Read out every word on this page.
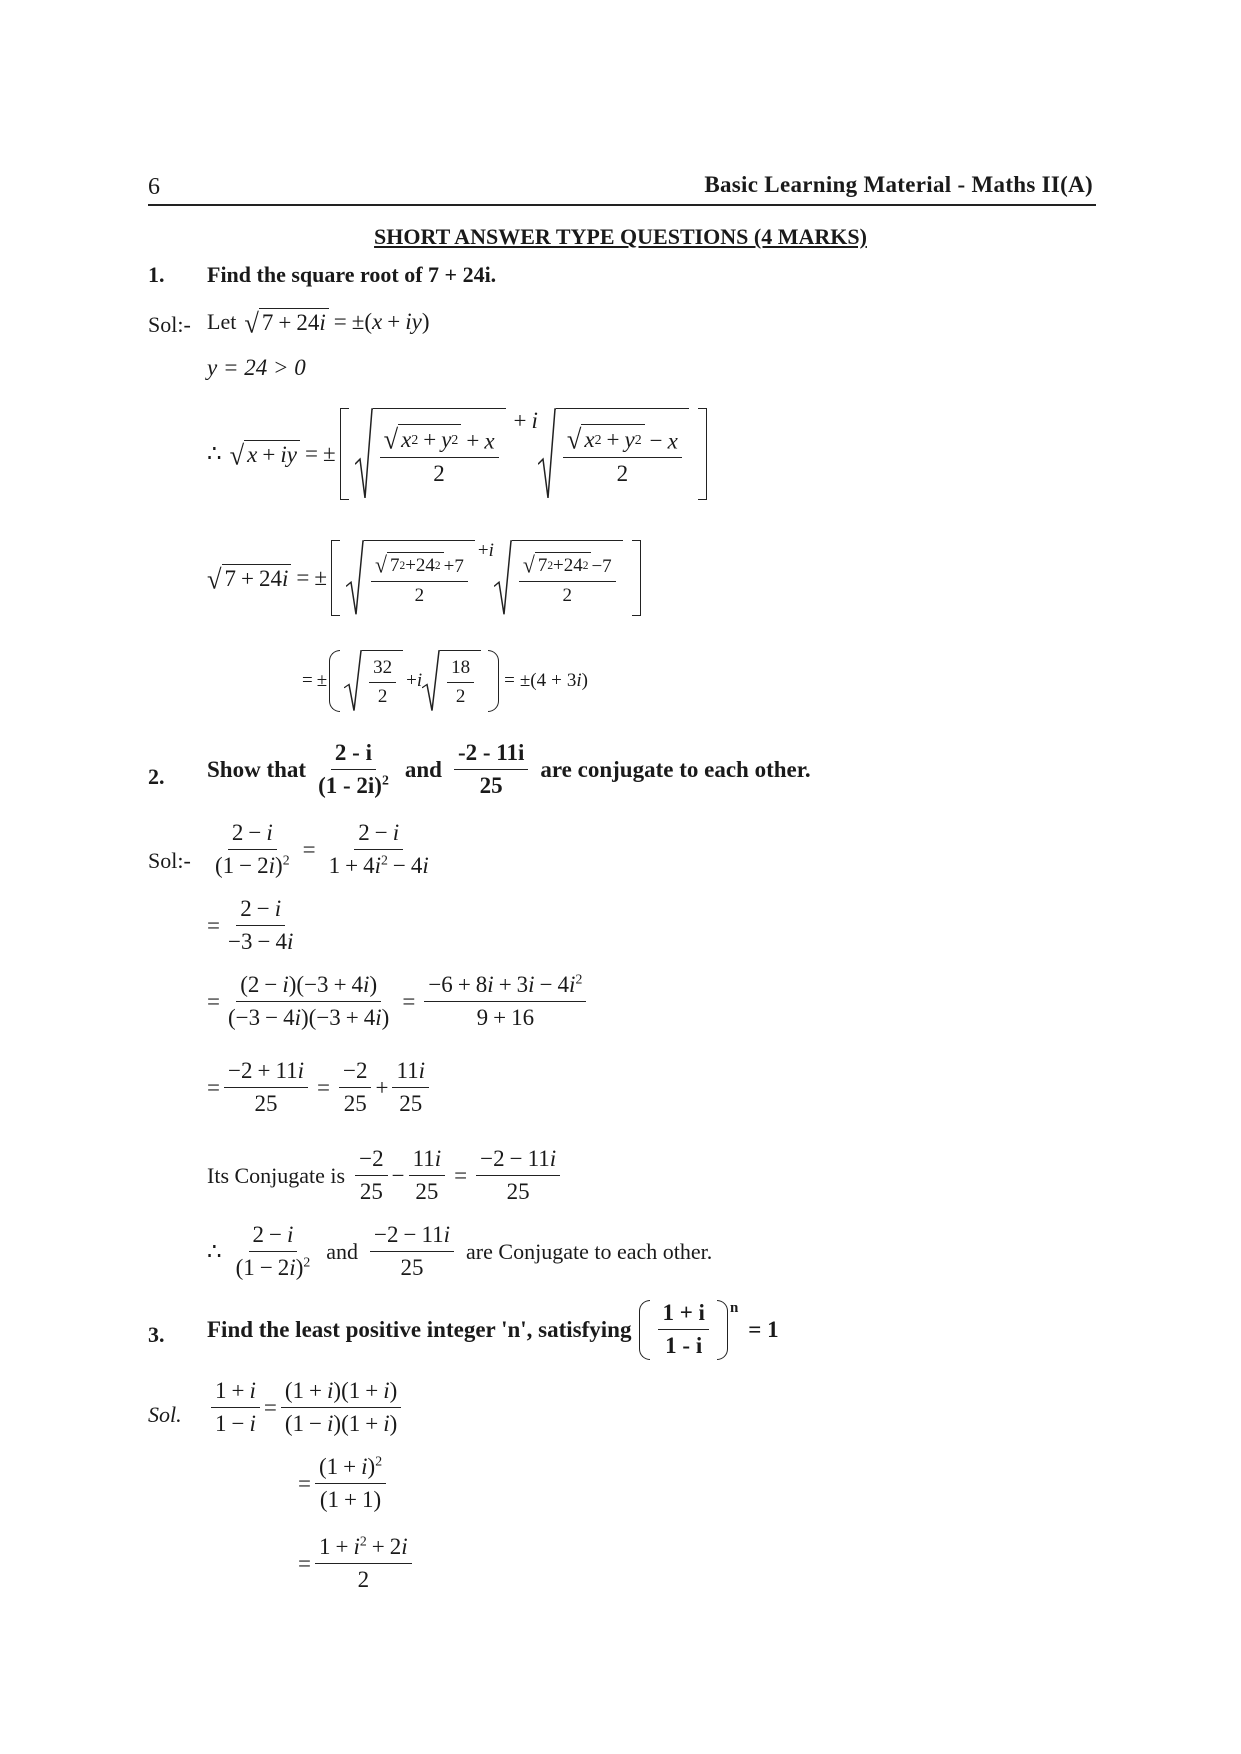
6	Basic Learning Material - Maths II(A)
SHORT ANSWER TYPE QUESTIONS (4 MARKS)
1. Find the square root of 7 + 24i.
Sol:- Let √ 7 + 24 i = ±(x + iy)
y = 24 > 0
∴ √ x + iy = ± $\frac{√ x 2 + y 2 + x}{2}$
+ i
$\frac{√ x 2 + y 2 - x}{2}$
√ 7 + 24 i = ± $\frac{√ 7 2 +24 2 +7}{2}$
+ i
$\frac{√ 7 2 +24 2 -7}{2}$
= ± $\frac{32}{2} + i \frac{18}{2} = \pm(4 + 3i)$
2. Show that $\frac{2 - i}{(1 - 2i)^2}$ and $\frac{-2 - 11i}{25}$ are conjugate to each other.
Sol:- $\frac{2 - i}{(1 - 2i)^2} = \frac{2 - i}{1 + 4i^2 - 4i}$
= $\frac{2 - i}{-3 - 4i}$
= $\frac{(2 - i)(-3 + 4i)}{(-3 - 4i)(-3 + 4i)} = \frac{-6 + 8i + 3i - 4i^2}{9 + 16}$
= $\frac{-2 + 11i}{25} = \frac{-2}{25} + \frac{11i}{25}$
Its Conjugate is $\frac{-2}{25} - \frac{11i}{25} = \frac{-2 - 11i}{25}$
∴ $\frac{2 - i}{(1 - 2i)^2}$ and $\frac{-2 - 11i}{25}$ are Conjugate to each other.
3. Find the least positive integer 'n', satisfying $\frac{1 + i}{1 - i}$ n
= 1
Sol. $\frac{1 + i}{1 - i} = \frac{(1 + i)(1 + i)}{(1 - i)(1 + i)}$
= $\frac{(1 + i)^2}{(1 + 1)}$
= $\frac{1 + i^2 + 2i}{2}$
